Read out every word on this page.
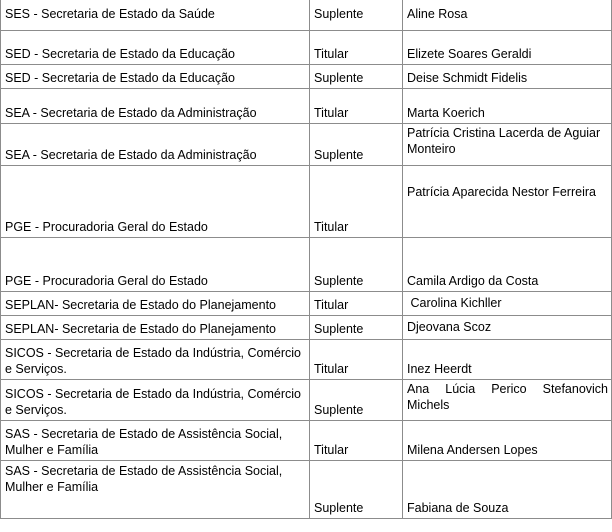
SES - Secretaria de Estado da Saúde	Suplente	Aline Rosa
SED - Secretaria de Estado da Educação	Titular	Elizete Soares Geraldi
SED - Secretaria de Estado da Educação	Suplente	Deise Schmidt Fidelis
SEA - Secretaria de Estado da Administração	Titular	Marta Koerich
SEA - Secretaria de Estado da Administração	Suplente	Patrícia Cristina Lacerda de Aguiar Monteiro
PGE - Procuradoria Geral do Estado	Titular	Patrícia Aparecida Nestor Ferreira
PGE - Procuradoria Geral do Estado	Suplente	Camila Ardigo da Costa
SEPLAN- Secretaria de Estado do Planejamento	Titular	Carolina Kichller
SEPLAN- Secretaria de Estado do Planejamento	Suplente	Djeovana Scoz
SICOS - Secretaria de Estado da Indústria, Comércio e Serviços.	Titular	Inez Heerdt
SICOS - Secretaria de Estado da Indústria, Comércio e Serviços.	Suplente	Ana Lúcia Perico Stefanovich Michels
SAS - Secretaria de Estado de Assistência Social, Mulher e Família	Titular	Milena Andersen Lopes
SAS - Secretaria de Estado de Assistência Social, Mulher e Família	Suplente	Fabiana de Souza
